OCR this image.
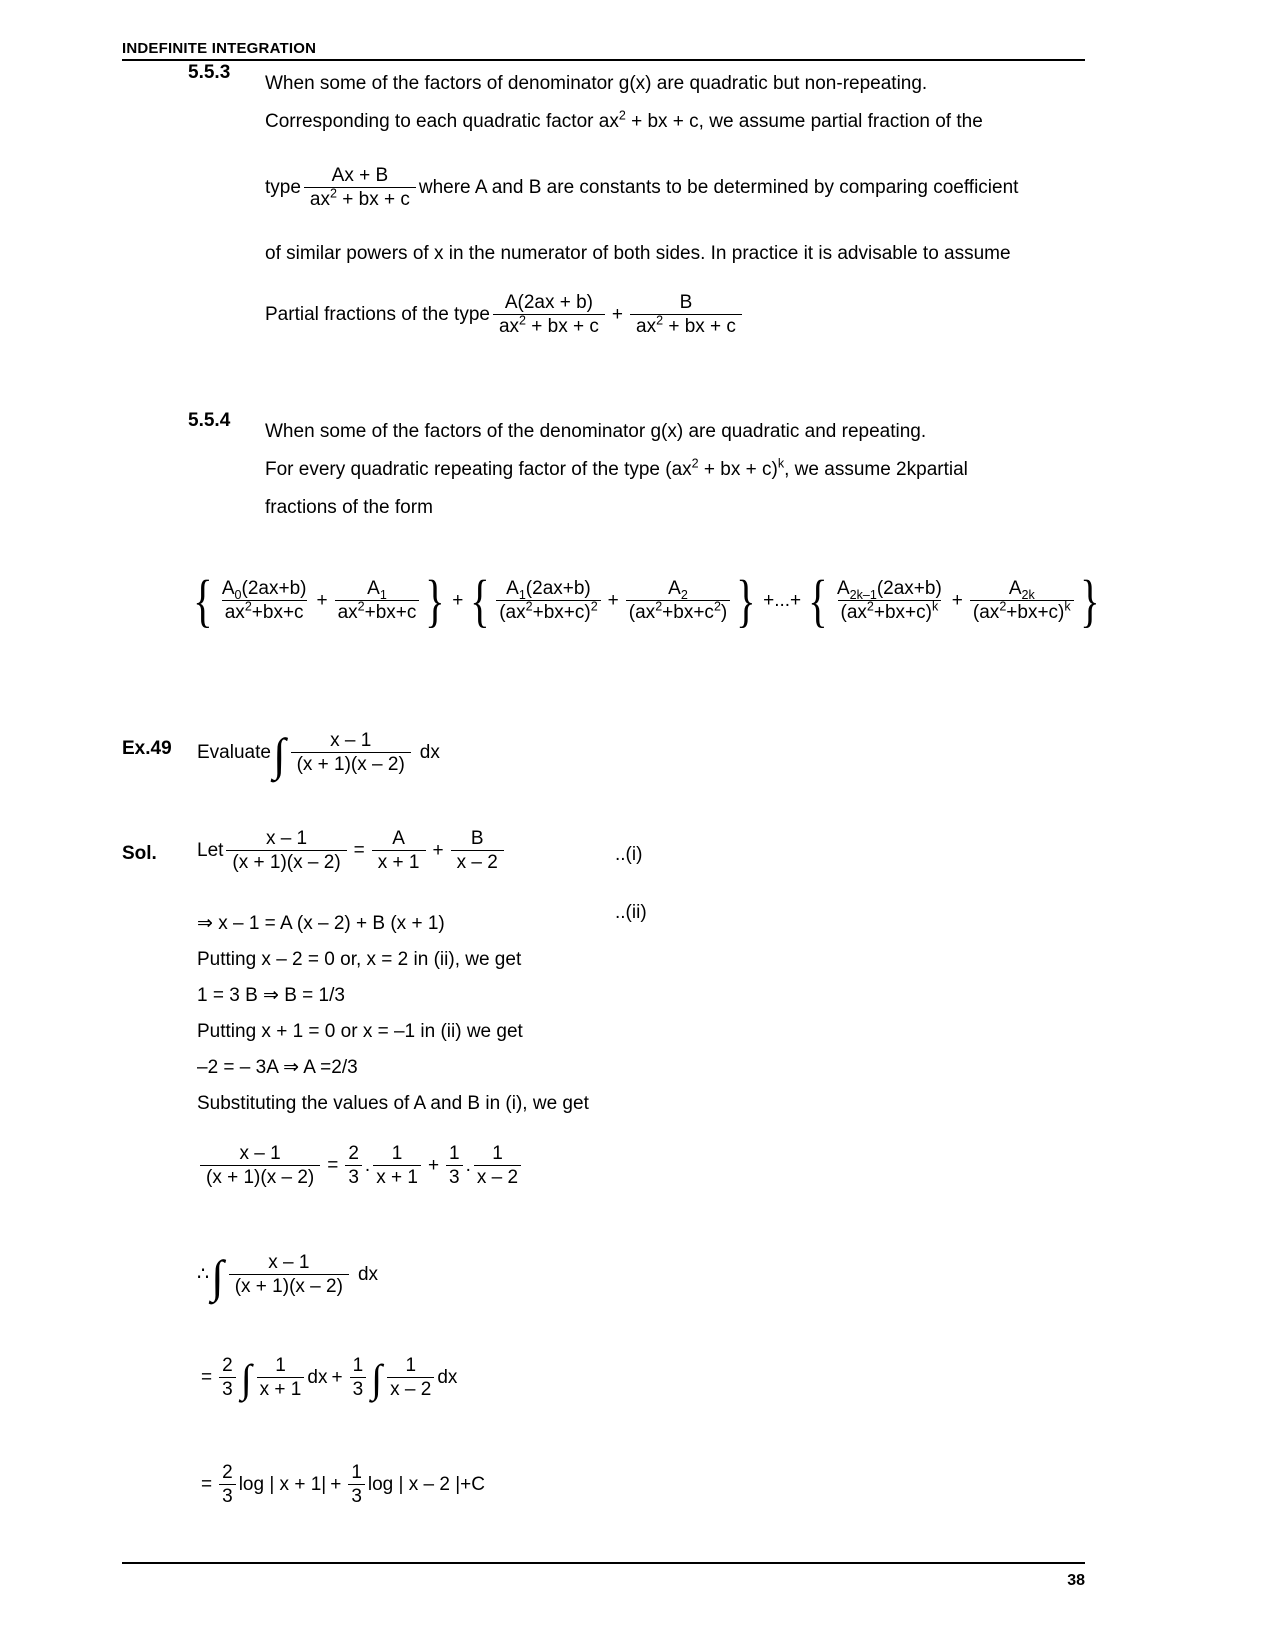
INDEFINITE INTEGRATION
5.5.3
When some of the factors of denominator g(x) are quadratic but non-repeating.
Corresponding to each quadratic factor $ax^2$ + bx + c, we assume partial fraction of the
type $\frac{Ax + B}{ax^2 + bx + c}$ where A and B are constants to be determined by comparing coefficient
of similar powers of x in the numerator of both sides. In practice it is advisable to assume
Partial fractions of the type $\frac{A(2ax + b)}{ax^2 + bx + c} + \frac{B}{ax^2 + bx + c}$
5.5.4
When some of the factors of the denominator g(x) are quadratic and repeating.
For every quadratic repeating factor of the type ($ax^2$ + bx + c)$^k$, we assume 2kpartial
fractions of the form
{ $\frac{A_0(2ax+b)}{ax^2+bx+c} + \frac{A_1}{ax^2+bx+c}$ } + { $\frac{A_1(2ax+b)}{(ax^2+bx+c)^2} + \frac{A_2}{(ax^2+bx+c^2)}$ } +...+ { $\frac{A_{2k-1}(2ax+b)}{(ax^2+bx+c)^k} + \frac{A_{2k}}{(ax^2+bx+c)^k}$ }
Ex.49 Evaluate ∫ $\frac{x - 1}{(x + 1)(x - 2)}$ dx
Sol. Let $\frac{x - 1}{(x + 1)(x - 2)} = \frac{A}{x + 1} + \frac{B}{x - 2}$	..(i)
⇒ x – 1 = A (x – 2) + B (x + 1)
..(ii)
Putting x – 2 = 0 or, x = 2 in (ii), we get
1 = 3 B ⇒ B = 1/3
Putting x + 1 = 0 or x = –1 in (ii) we get
–2 = – 3A ⇒ A =2/3
Substituting the values of A and B in (i), we get
$\frac{x - 1}{(x + 1)(x - 2)} = \frac{2}{3}$ . $\frac{1}{x + 1} + \frac{1}{3}$ . $\frac{1}{x - 2}$
∴ ∫ $\frac{x - 1}{(x + 1)(x - 2)}$ dx
= $\frac{2}{3}$ ∫ $\frac{1}{x + 1}$ dx + $\frac{1}{3}$ ∫ $\frac{1}{x - 2}$ dx
= $\frac{2}{3}$ log | $x + 1| + \frac{1}{3}$ log | x – 2 | +C
38
